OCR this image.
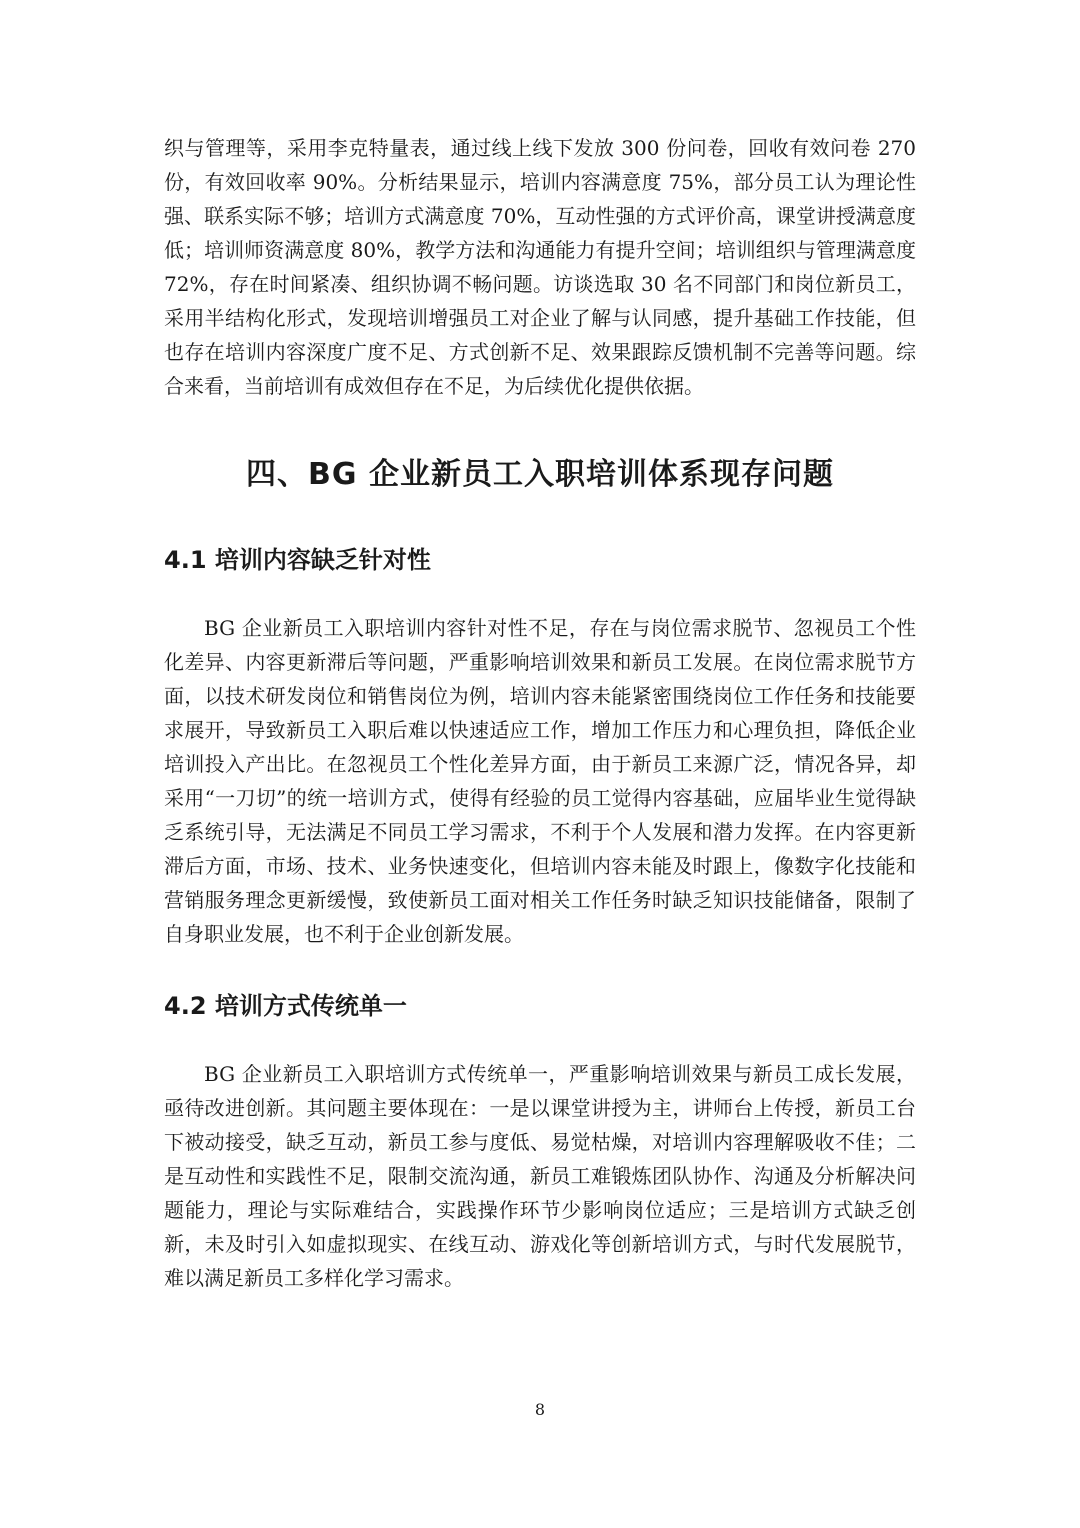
织与管理等，采用李克特量表，通过线上线下发放 300 份问卷，回收有效问卷 270 份，有效回收率 90%。分析结果显示，培训内容满意度 75%，部分员工认为理论性强、联系实际不够；培训方式满意度 70%，互动性强的方式评价高，课堂讲授满意度低；培训师资满意度 80%，教学方法和沟通能力有提升空间；培训组织与管理满意度 72%，存在时间紧凑、组织协调不畅问题。访谈选取 30 名不同部门和岗位新员工，采用半结构化形式，发现培训增强员工对企业了解与认同感，提升基础工作技能，但也存在培训内容深度广度不足、方式创新不足、效果跟踪反馈机制不完善等问题。综合来看，当前培训有成效但存在不足，为后续优化提供依据。

四、BG 企业新员工入职培训体系现存问题
4.1 培训内容缺乏针对性

BG 企业新员工入职培训内容针对性不足，存在与岗位需求脱节、忽视员工个性化差异、内容更新滞后等问题，严重影响培训效果和新员工发展。在岗位需求脱节方面，以技术研发岗位和销售岗位为例，培训内容未能紧密围绕岗位工作任务和技能要求展开，导致新员工入职后难以快速适应工作，增加工作压力和心理负担，降低企业培训投入产出比。在忽视员工个性化差异方面，由于新员工来源广泛，情况各异，却采用“一刀切”的统一培训方式，使得有经验的员工觉得内容基础，应届毕业生觉得缺乏系统引导，无法满足不同员工学习需求，不利于个人发展和潜力发挥。在内容更新滞后方面，市场、技术、业务快速变化，但培训内容未能及时跟上，像数字化技能和营销服务理念更新缓慢，致使新员工面对相关工作任务时缺乏知识技能储备，限制了自身职业发展，也不利于企业创新发展。

4.2 培训方式传统单一

BG 企业新员工入职培训方式传统单一，严重影响培训效果与新员工成长发展，亟待改进创新。其问题主要体现在：一是以课堂讲授为主，讲师台上传授，新员工台下被动接受，缺乏互动，新员工参与度低、易觉枯燥，对培训内容理解吸收不佳；二是互动性和实践性不足，限制交流沟通，新员工难锻炼团队协作、沟通及分析解决问题能力，理论与实际难结合，实践操作环节少影响岗位适应；三是培训方式缺乏创新，未及时引入如虚拟现实、在线互动、游戏化等创新培训方式，与时代发展脱节，难以满足新员工多样化学习需求。

8
